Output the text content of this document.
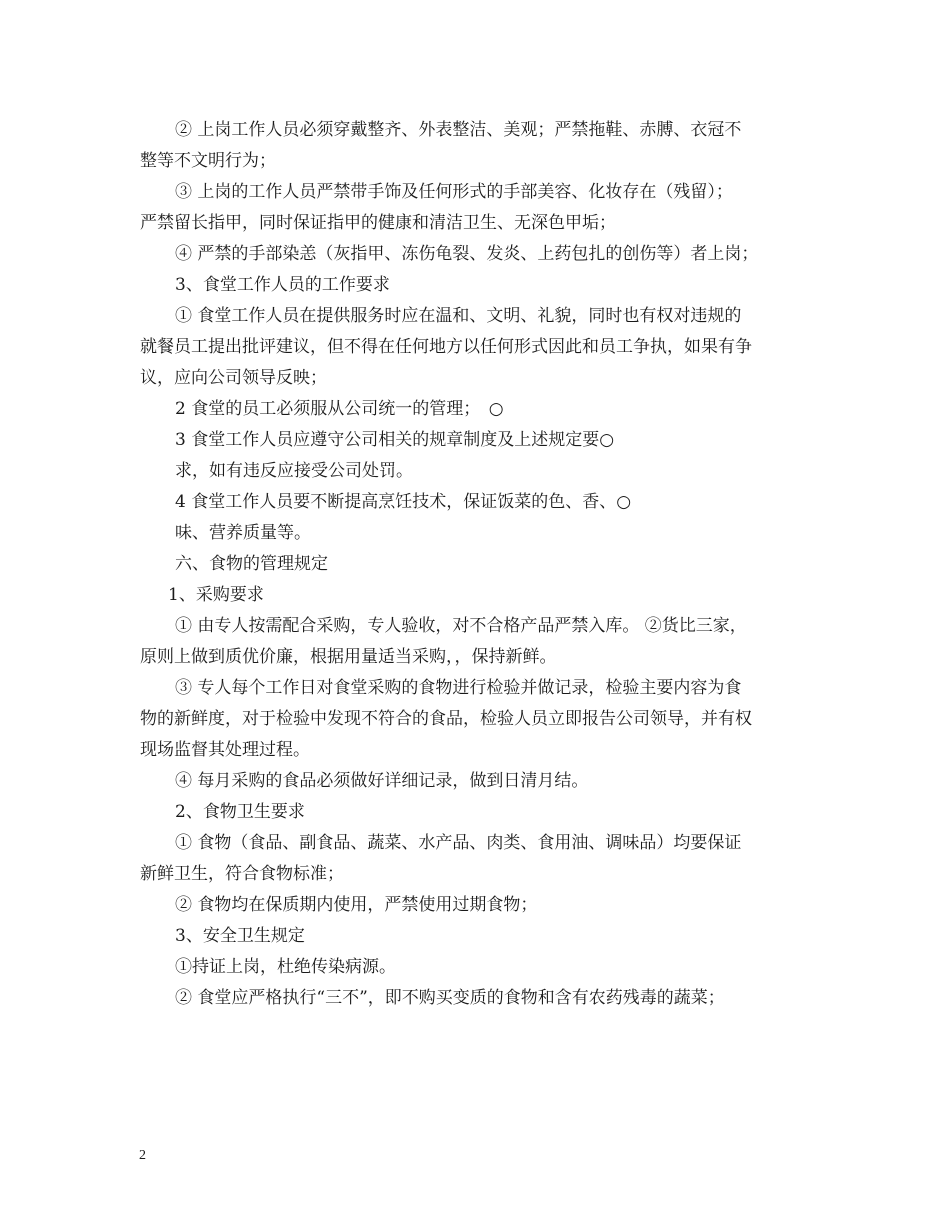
② 上岗工作人员必须穿戴整齐、外表整洁、美观；严禁拖鞋、赤膊、衣冠不
整等不文明行为；
③ 上岗的工作人员严禁带手饰及任何形式的手部美容、化妆存在（残留）；
严禁留长指甲，同时保证指甲的健康和清洁卫生、无深色甲垢；
④ 严禁的手部染恙（灰指甲、冻伤龟裂、发炎、上药包扎的创伤等）者上岗；
3、食堂工作人员的工作要求
① 食堂工作人员在提供服务时应在温和、文明、礼貌，同时也有权对违规的
就餐员工提出批评建议，但不得在任何地方以任何形式因此和员工争执，如果有争
议，应向公司领导反映；
2 食堂的员工必须服从公司统一的管理；　○
3 食堂工作人员应遵守公司相关的规章制度及上述规定要○
求，如有违反应接受公司处罚。
4 食堂工作人员要不断提高烹饪技术，保证饭菜的色、香、○
味、营养质量等。
六、食物的管理规定
1、采购要求
① 由专人按需配合采购，专人验收，对不合格产品严禁入库。 ②货比三家，
原则上做到质优价廉，根据用量适当采购，，保持新鲜。
③ 专人每个工作日对食堂采购的食物进行检验并做记录，检验主要内容为食
物的新鲜度，对于检验中发现不符合的食品，检验人员立即报告公司领导，并有权
现场监督其处理过程。
④ 每月采购的食品必须做好详细记录，做到日清月结。
2、食物卫生要求
① 食物（食品、副食品、蔬菜、水产品、肉类、食用油、调味品）均要保证
新鲜卫生，符合食物标准；
② 食物均在保质期内使用，严禁使用过期食物；
3、安全卫生规定
①持证上岗，杜绝传染病源。
② 食堂应严格执行“三不”，即不购买变质的食物和含有农药残毒的蔬菜；
2
